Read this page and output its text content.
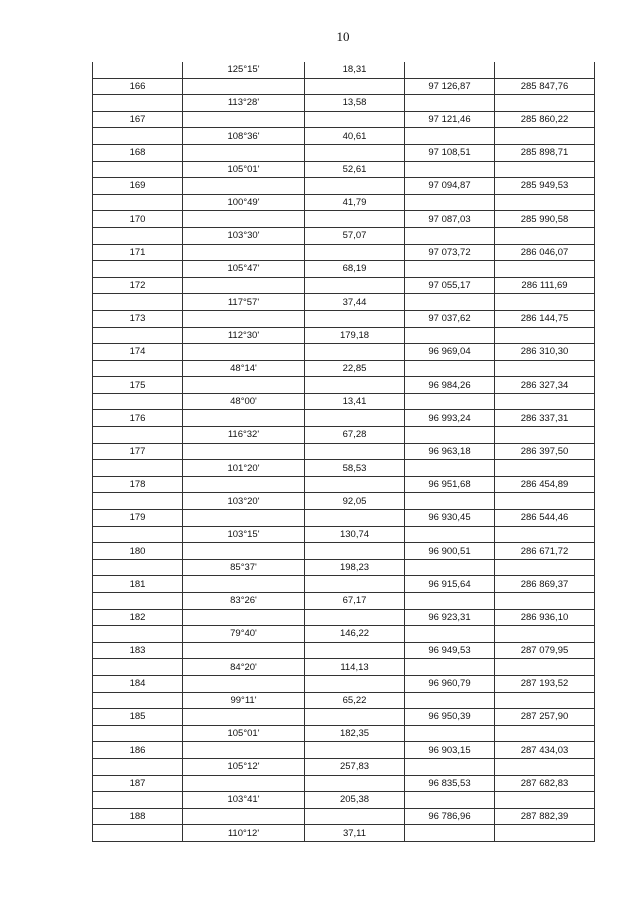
10
	125°15'	18,31		
166			97 126,87	285 847,76
	113°28'	13,58		
167			97 121,46	285 860,22
	108°36'	40,61		
168			97 108,51	285 898,71
	105°01'	52,61		
169			97 094,87	285 949,53
	100°49'	41,79		
170			97 087,03	285 990,58
	103°30'	57,07		
171			97 073,72	286 046,07
	105°47'	68,19		
172			97 055,17	286 111,69
	117°57'	37,44		
173			97 037,62	286 144,75
	112°30'	179,18		
174			96 969,04	286 310,30
	48°14'	22,85		
175			96 984,26	286 327,34
	48°00'	13,41		
176			96 993,24	286 337,31
	116°32'	67,28		
177			96 963,18	286 397,50
	101°20'	58,53		
178			96 951,68	286 454,89
	103°20'	92,05		
179			96 930,45	286 544,46
	103°15'	130,74		
180			96 900,51	286 671,72
	85°37'	198,23		
181			96 915,64	286 869,37
	83°26'	67,17		
182			96 923,31	286 936,10
	79°40'	146,22		
183			96 949,53	287 079,95
	84°20'	114,13		
184			96 960,79	287 193,52
	99°11'	65,22		
185			96 950,39	287 257,90
	105°01'	182,35		
186			96 903,15	287 434,03
	105°12'	257,83		
187			96 835,53	287 682,83
	103°41'	205,38		
188			96 786,96	287 882,39
	110°12'	37,11		
